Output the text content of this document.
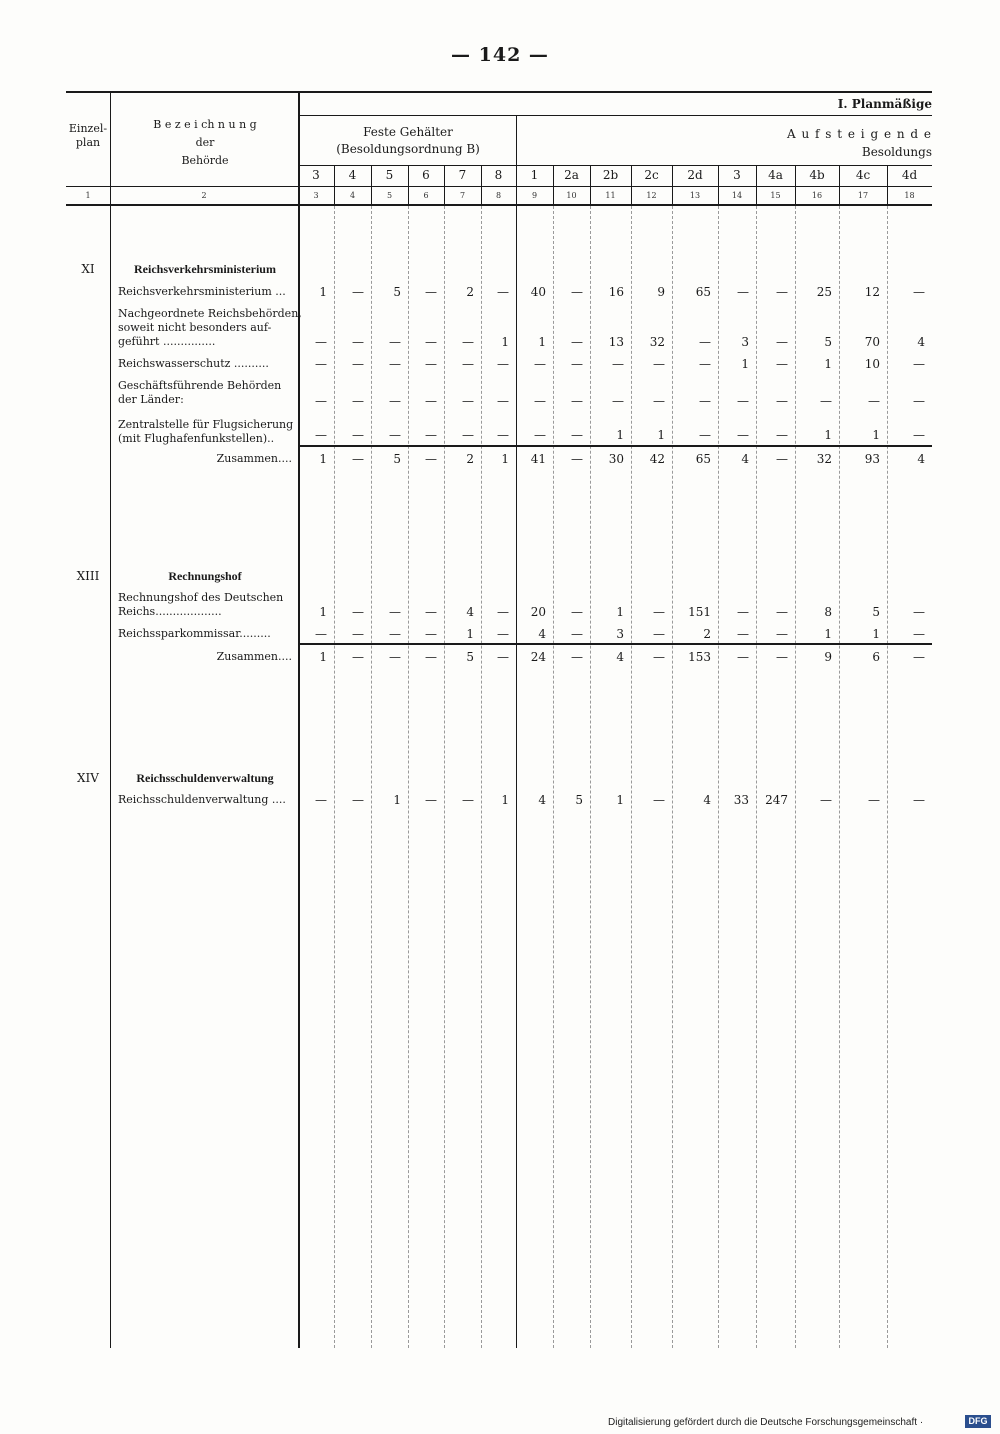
— 142 —
Einzel-
plan
B e z e i ch n u n g
der
Behörde
I. Planmäßige
Feste Gehälter
(Besoldungsordnung B)
A u f s t e i g e n d e
Besoldungs
3	4	5	6	7	8	1	2a	2b	2c	2d	3	4a	4b	4c	4d
1	2	3	4	5	6	7	8	9	10	11	12	13	14	15	16	17	18
XI	Reichsverkehrsministerium
Reichsverkehrsministerium ...	1	—	5	—	2	—	40	—	16	9	65	—	—	25	12	—
Nachgeordnete Reichsbehörden,
soweit nicht besonders auf-
geführt ...............	—	—	—	—	—	1	1	—	13	32	—	3	—	5	70	4
Reichswasserschutz ..........	—	—	—	—	—	—	—	—	—	—	—	1	—	1	10	—
Geschäftsführende Behörden
der Länder:	—	—	—	—	—	—	—	—	—	—	—	—	—	—	—	—
Zentralstelle für Flugsicherung
(mit Flughafenfunkstellen)..	—	—	—	—	—	—	—	—	1	1	—	—	—	1	1	—
Zusammen....	1	—	5	—	2	1	41	—	30	42	65	4	—	32	93	4
XIII	Rechnungshof
Rechnungshof des Deutschen
Reichs...................	1	—	—	—	4	—	20	—	1	—	151	—	—	8	5	—
Reichssparkommissar.........	—	—	—	—	1	—	4	—	3	—	2	—	—	1	1	—
Zusammen....	1	—	—	—	5	—	24	—	4	—	153	—	—	9	6	—
XIV	Reichsschuldenverwaltung
Reichsschuldenverwaltung ....	—	—	1	—	—	1	4	5	1	—	4	33	247	—	—	—
Digitalisierung gefördert durch die Deutsche Forschungsgemeinschaft ·	DFG
